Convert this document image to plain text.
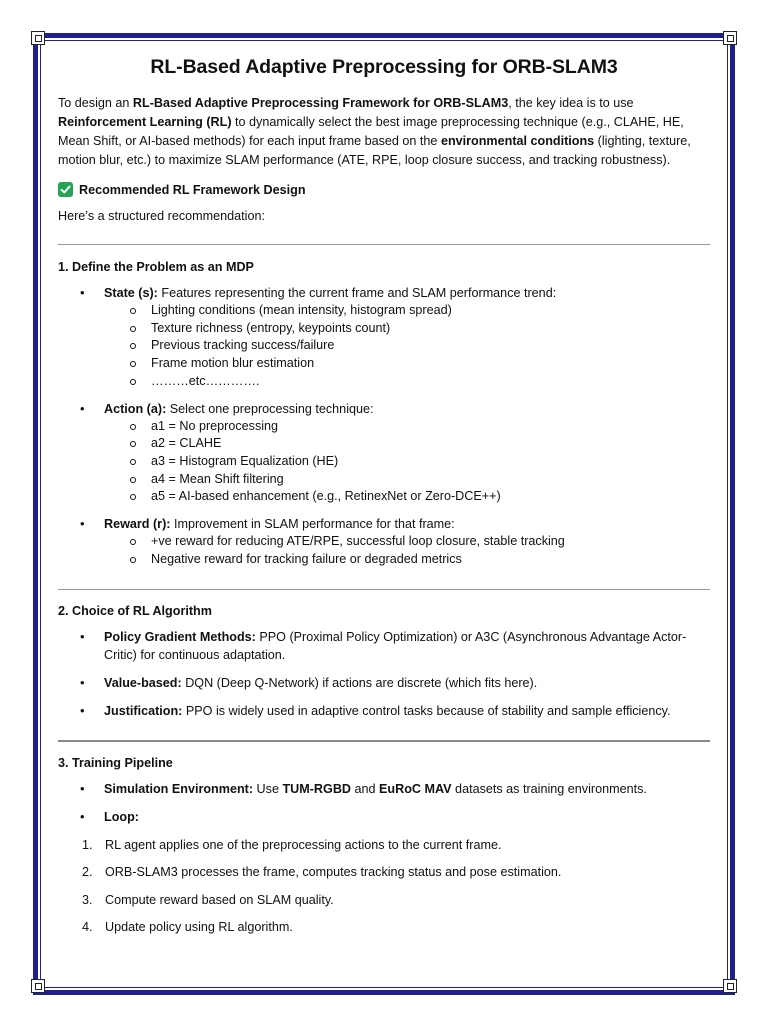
RL-Based Adaptive Preprocessing for ORB-SLAM3
To design an RL-Based Adaptive Preprocessing Framework for ORB-SLAM3, the key idea is to use Reinforcement Learning (RL) to dynamically select the best image preprocessing technique (e.g., CLAHE, HE, Mean Shift, or AI-based methods) for each input frame based on the environmental conditions (lighting, texture, motion blur, etc.) to maximize SLAM performance (ATE, RPE, loop closure success, and tracking robustness).
Recommended RL Framework Design
Here’s a structured recommendation:
1. Define the Problem as an MDP
• State (s): Features representing the current frame and SLAM performance trend:
Lighting conditions (mean intensity, histogram spread)
Texture richness (entropy, keypoints count)
Previous tracking success/failure
Frame motion blur estimation
………etc………….
• Action (a): Select one preprocessing technique:
a1 = No preprocessing
a2 = CLAHE
a3 = Histogram Equalization (HE)
a4 = Mean Shift filtering
a5 = AI-based enhancement (e.g., RetinexNet or Zero-DCE++)
• Reward (r): Improvement in SLAM performance for that frame:
+ve reward for reducing ATE/RPE, successful loop closure, stable tracking
Negative reward for tracking failure or degraded metrics
2. Choice of RL Algorithm
• Policy Gradient Methods: PPO (Proximal Policy Optimization) or A3C (Asynchronous Advantage Actor-Critic) for continuous adaptation.
• Value-based: DQN (Deep Q-Network) if actions are discrete (which fits here).
• Justification: PPO is widely used in adaptive control tasks because of stability and sample efficiency.
3. Training Pipeline
• Simulation Environment: Use TUM-RGBD and EuRoC MAV datasets as training environments.
• Loop:
1. RL agent applies one of the preprocessing actions to the current frame.
2. ORB-SLAM3 processes the frame, computes tracking status and pose estimation.
3. Compute reward based on SLAM quality.
4. Update policy using RL algorithm.
